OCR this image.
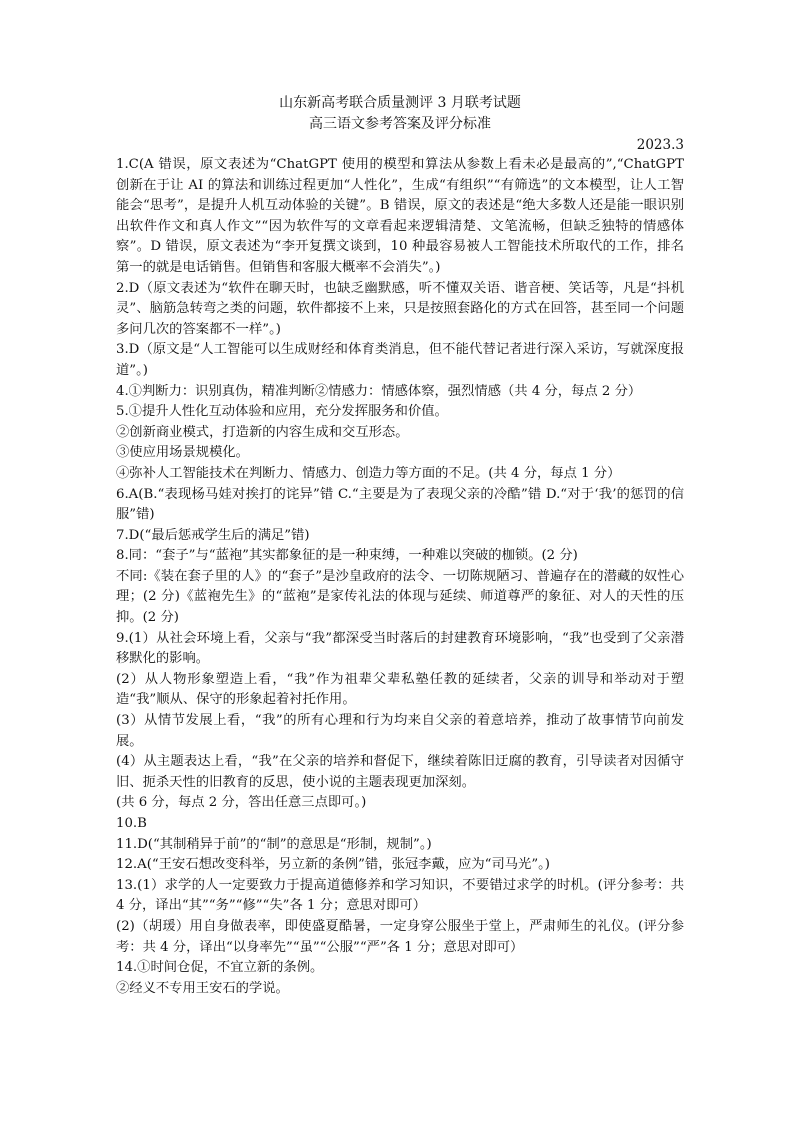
山东新高考联合质量测评 3 月联考试题

高三语文参考答案及评分标准

2023.3

1.C(A 错误，原文表述为“ChatGPT 使用的模型和算法从参数上看未必是最高的”,“ChatGPT 创新在于让 AI 的算法和训练过程更加“人性化”，生成“有组织”“有筛选”的文本模型，让人工智能会“思考”，是提升人机互动体验的关键”。B 错误，原文的表述是“绝大多数人还是能一眼识别出软件作文和真人作文”“因为软件写的文章看起来逻辑清楚、文笔流畅，但缺乏独特的情感体察”。D 错误，原文表述为“李开复撰文谈到，10 种最容易被人工智能技术所取代的工作，排名第一的就是电话销售。但销售和客服大概率不会消失”。)

2.D（原文表述为“软件在聊天时，也缺乏幽默感，听不懂双关语、谐音梗、笑话等，凡是“抖机灵”、脑筋急转弯之类的问题，软件都接不上来，只是按照套路化的方式在回答，甚至同一个问题多问几次的答案都不一样”。)

3.D（原文是“人工智能可以生成财经和体育类消息，但不能代替记者进行深入采访，写就深度报道”。)

4.①判断力：识别真伪，精准判断②情感力：情感体察，强烈情感（共 4 分，每点 2 分）

5.①提升人性化互动体验和应用，充分发挥服务和价值。

②创新商业模式，打造新的内容生成和交互形态。

③使应用场景规模化。

④弥补人工智能技术在判断力、情感力、创造力等方面的不足。(共 4 分，每点 1 分）

6.A(B.“表现杨马娃对挨打的诧异”错 C.“主要是为了表现父亲的冷酷”错 D.“对于‘我’的惩罚的信服”错)

7.D(“最后惩戒学生后的满足”错)

8.同：“套子”与“蓝袍”其实都象征的是一种束缚，一种难以突破的枷锁。(2 分)

不同:《装在套子里的人》的“套子”是沙皇政府的法令、一切陈规陋习、普遍存在的潜藏的奴性心理；(2 分)《蓝袍先生》的“蓝袍”是家传礼法的体现与延续、师道尊严的象征、对人的天性的压抑。(2 分)

9.(1）从社会环境上看，父亲与“我”都深受当时落后的封建教育环境影响，“我”也受到了父亲潜移默化的影响。

(2）从人物形象塑造上看，“我”作为祖辈父辈私塾任教的延续者，父亲的训导和举动对于塑造“我”顺从、保守的形象起着衬托作用。

(3）从情节发展上看，“我”的所有心理和行为均来自父亲的着意培养，推动了故事情节向前发展。

(4）从主题表达上看，“我”在父亲的培养和督促下，继续着陈旧迂腐的教育，引导读者对因循守旧、扼杀天性的旧教育的反思，使小说的主题表现更加深刻。

(共 6 分，每点 2 分，答出任意三点即可。)

10.B

11.D(“其制稍异于前”的“制”的意思是“形制，规制”。)

12.A(“王安石想改变科举，另立新的条例”错，张冠李戴，应为“司马光”。)

13.(1）求学的人一定要致力于提高道德修养和学习知识，不要错过求学的时机。(评分参考：共 4 分，译出“其”“务”“修”“失”各 1 分；意思对即可）

(2)（胡瑗）用自身做表率，即使盛夏酷暑，一定身穿公服坐于堂上，严肃师生的礼仪。(评分参考：共 4 分，译出“以身率先”“虽”“公服”“严”各 1 分；意思对即可）

14.①时间仓促，不宜立新的条例。

②经义不专用王安石的学说。
